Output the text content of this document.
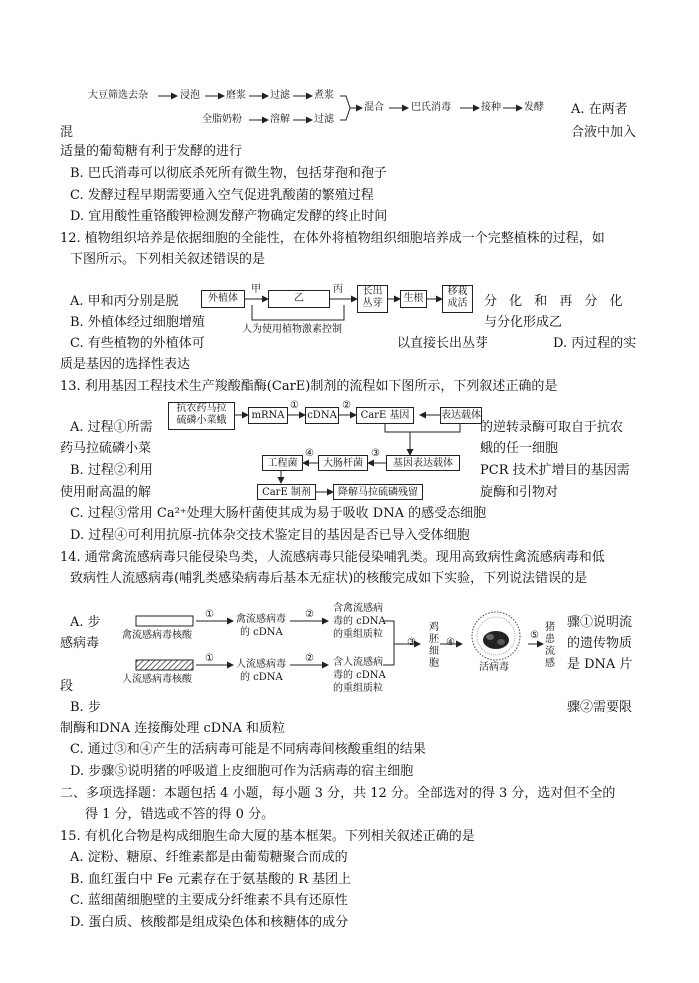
大豆筛选去杂	浸泡	磨浆 过滤 煮浆
全脂奶粉	溶解 过滤
混合	巴氏消毒	接种 发酵 A. 在两者
混	合液中加入
适量的葡萄糖有利于发酵的进行
B. 巴氏消毒可以彻底杀死所有微生物，包括芽孢和孢子
C. 发酵过程早期需要通入空气促进乳酸菌的繁殖过程
D. 宜用酸性重铬酸钾检测发酵产物确定发酵的终止时间
12. 植物组织培养是依据细胞的全能性，在体外将植物组织细胞培养成一个完整植株的过程，如
下图所示。下列相关叙述错误的是
外植体
甲
乙
丙	长出
丛芽	生根
移栽
成活
人为使用植物激素控制
A. 甲和丙分别是脱	分 化 和 再 分 化
B. 外植体经过细胞增殖	与分化形成乙
C. 有些植物的外植体可	以直接长出丛芽	D. 丙过程的实
质是基因的选择性表达
13. 利用基因工程技术生产羧酸酯酶(CarE)制剂的流程如下图所示，下列叙述正确的是
抗农药马拉
硫磷小菜蛾	mRNA
①
cDNA
②
CarE 基因	表达载体
工程菌
④
大肠杆菌
③
基因表达载体
CarE 制剂	降解马拉硫磷残留
A. 过程①所需	的逆转录酶可取自于抗农
药马拉硫磷小菜	蛾的任一细胞
B. 过程②利用	PCR 技术扩增目的基因需
使用耐高温的解	旋酶和引物对
C. 过程③常用 Ca²⁺处理大肠杆菌使其成为易于吸收 DNA 的感受态细胞
D. 过程④可利用抗原-抗体杂交技术鉴定目的基因是否已导入受体细胞
14. 通常禽流感病毒只能侵染鸟类，人流感病毒只能侵染哺乳类。现用高致病性禽流感病毒和低
致病性人流感病毒(哺乳类感染病毒后基本无症状)的核酸完成如下实验，下列说法错误的是
禽流感病毒核酸
人流感病毒核酸
①
①
禽流感病毒
的 cDNA
人流感病毒
的 cDNA
②
②
含禽流感病
毒的 cDNA
的重组质粒
含人流感病
毒的 cDNA
的重组质粒
③
鸡
胚
细
胞
④
活病毒
⑤
猪
患
流
感
A. 步	骤①说明流
感病毒	的遗传物质
是 DNA 片
段
B. 步	骤②需要限
制酶和DNA 连接酶处理 cDNA 和质粒
C. 通过③和④产生的活病毒可能是不同病毒间核酸重组的结果
D. 步骤⑤说明猪的呼吸道上皮细胞可作为活病毒的宿主细胞
二、多项选择题：本题包括 4 小题，每小题 3 分，共 12 分。全部选对的得 3 分，选对但不全的
得 1 分，错选或不答的得 0 分。
15. 有机化合物是构成细胞生命大厦的基本框架。下列相关叙述正确的是
A. 淀粉、糖原、纤维素都是由葡萄糖聚合而成的
B. 血红蛋白中 Fe 元素存在于氨基酸的 R 基团上
C. 蓝细菌细胞壁的主要成分纤维素不具有还原性
D. 蛋白质、核酸都是组成染色体和核糖体的成分
